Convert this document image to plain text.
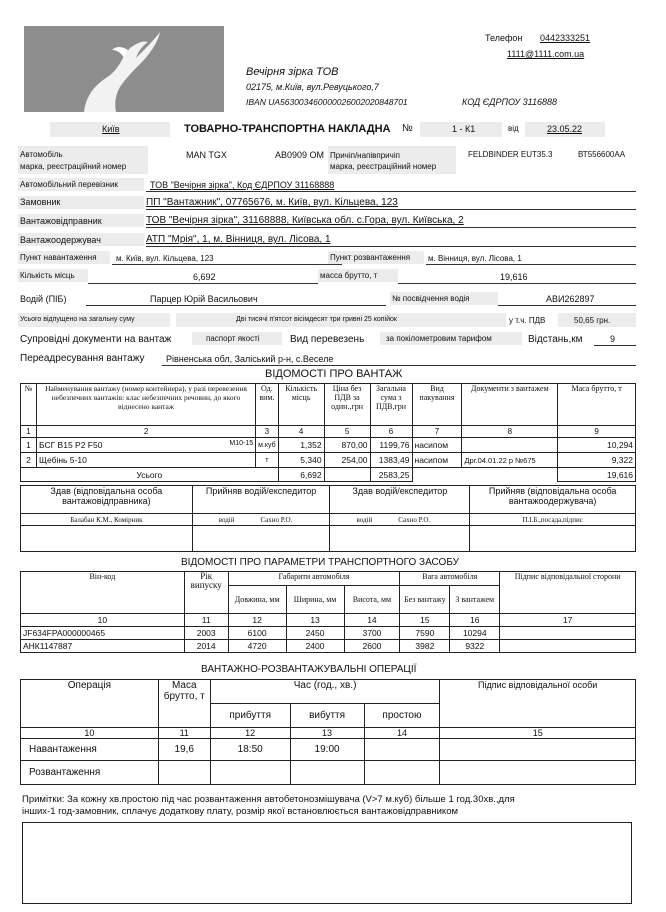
Вечірня зірка ТОВ
02175, м.Київ, вул.Ревуцького,7
IBAN UA563003460000026002020848701	КОД ЄДРПОУ 3116888
Телефон 0442333251
1111@1111.com.ua
Київ	ТОВАРНО-ТРАНСПОРТНА НАКЛАДНА №	1 - К1	від	23.05.22
Автомобіль
марка, реєстраційний номер
MAN TGX	АВ0909 ОМ Причіп/напівпричіп
марка, реєстраційний номер
FELDBINDER EUT35.3	ВТ556600АА
Автомобільний перевізник	ТОВ "Вечірня зірка", Код ЄДРПОУ 31168888
Замовник	ПП "Вантажник", 07765676, м. Київ, вул. Кільцева, 123
Вантажовідправник	ТОВ "Вечірня зірка", 31168888, Київська обл. с.Гора, вул. Київська, 2
Вантажоодержувач	АТП "Мрія", 1, м. Вінниця, вул. Лісова, 1
Пункт навантаження м. Київ, вул. Кільцева, 123	Пункт розвантаження м. Вінниця, вул. Лісова, 1
Кількість місць	6,692	масса брутто, т	19,616
Водій (ПІБ)	Парцер Юрій Васильович	№ посвідчення водія	АВИ262897
Усього відпущено на загальну суму	Дві тисячі п'ятсот вісімдесят три гривні 25 копійок	у т.ч. ПДВ	50,65 грн.
Супровідні документи на вантаж	паспорт якості	Вид перевезень	за покілометровим тарифом	Відстань,км	9
Переадресування вантажу Рівненська обл, Заліський р-н, с.Веселе
ВІДОМОСТІ ПРО ВАНТАЖ
№	Найменування вантажу (номер контейнера), у разі перевезення небезпечних вантажів: клас небезпечних речовин, до якого віднесено вантаж	Од. вим.	Кількість місць	Ціна без ПДВ за один.,грн	Загальна сума з ПДВ,грн	Вид пакування	Документи з вантажем	Маса брутто, т
1	2	3	4	5	6	7	8	9
1	БСГ В15 Р2 F50 М10-15	м.куб	1,352	870,00	1199,76	насипом		10,294
2	Щебінь 5-10	т	5,340	254,00	1383,49	насипом	Дрг.04.01.22 р №675	9,322
Усього			6,692		2583,25			19,616
Здав (відповідальна особа вантажовідправника)	Прийняв водій/експедитор	Здав водій/експедитор	Прийняв (відповідальна особа вантажоодержувача)
Балабан К.М., Комірник	водій Сахно Р.О.	водій Сахно Р.О.	П.І.Б.,посада,підпис

ВІДОМОСТІ ПРО ПАРАМЕТРИ ТРАНСПОРТНОГО ЗАСОБУ
Він-код	Рік випуску	Габарити автомобіля			Вага автомобіля		Підпис відповідальної сторони
		Довжина, мм	Ширина, мм	Висота, мм	Без вантажу	З вантажем	
10	11	12	13	14	15	16	17
JF634FPA000000465	2003	6100	2450	3700	7590	10294	
АНК1147887	2014	4720	2400	2600	3982	9322	
ВАНТАЖНО-РОЗВАНТАЖУВАЛЬНІ ОПЕРАЦІЇ
Операція	Маса брутто, т	Час (год., хв.)			Підпис відповідальної особи
		прибуття	вибуття	простою	
10	11	12	13	14	15
Навантаження	19,6	18:50	19:00		
Розвантаження					
Примітки: За кожну хв.простою під час розвантаження автобетонозмішувача (V>7 м.куб) більше 1 год.30хв.,для
інших-1 год-замовник, сплачує додаткову плату, розмір якої встановлюється вантажовідправником
